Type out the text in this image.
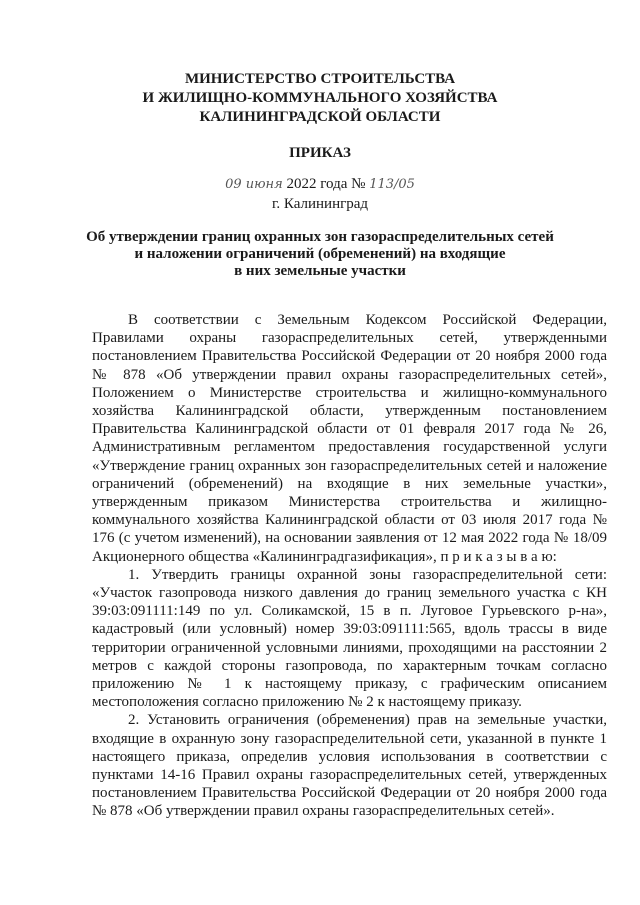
МИНИСТЕРСТВО СТРОИТЕЛЬСТВА
И ЖИЛИЩНО-КОММУНАЛЬНОГО ХОЗЯЙСТВА
КАЛИНИНГРАДСКОЙ ОБЛАСТИ
ПРИКАЗ
09 июня 2022 года № 113/05
г. Калининград
Об утверждении границ охранных зон газораспределительных сетей
и наложении ограничений (обременений) на входящие
в них земельные участки

В соответствии с Земельным Кодексом Российской Федерации, Правилами охраны газораспределительных сетей, утвержденными постановлением Правительства Российской Федерации от 20 ноября 2000 года № 878 «Об утверждении правил охраны газораспределительных сетей», Положением о Министерстве строительства и жилищно-коммунального хозяйства Калининградской области, утвержденным постановлением Правительства Калининградской области от 01 февраля 2017 года № 26, Административным регламентом предоставления государственной услуги «Утверждение границ охранных зон газораспределительных сетей и наложение ограничений (обременений) на входящие в них земельные участки», утвержденным приказом Министерства строительства и жилищно-коммунального хозяйства Калининградской области от 03 июля 2017 года № 176 (с учетом изменений), на основании заявления от 12 мая 2022 года № 18/09 Акционерного общества «Калининградгазификация», п р и к а з ы в а ю:

1. Утвердить границы охранной зоны газораспределительной сети: «Участок газопровода низкого давления до границ земельного участка с КН 39:03:091111:149 по ул. Соликамской, 15 в п. Луговое Гурьевского р-на», кадастровый (или условный) номер 39:03:091111:565, вдоль трассы в виде территории ограниченной условными линиями, проходящими на расстоянии 2 метров с каждой стороны газопровода, по характерным точкам согласно приложению № 1 к настоящему приказу, с графическим описанием местоположения согласно приложению № 2 к настоящему приказу.

2. Установить ограничения (обременения) прав на земельные участки, входящие в охранную зону газораспределительной сети, указанной в пункте 1 настоящего приказа, определив условия использования в соответствии с пунктами 14-16 Правил охраны газораспределительных сетей, утвержденных постановлением Правительства Российской Федерации от 20 ноября 2000 года № 878 «Об утверждении правил охраны газораспределительных сетей».
